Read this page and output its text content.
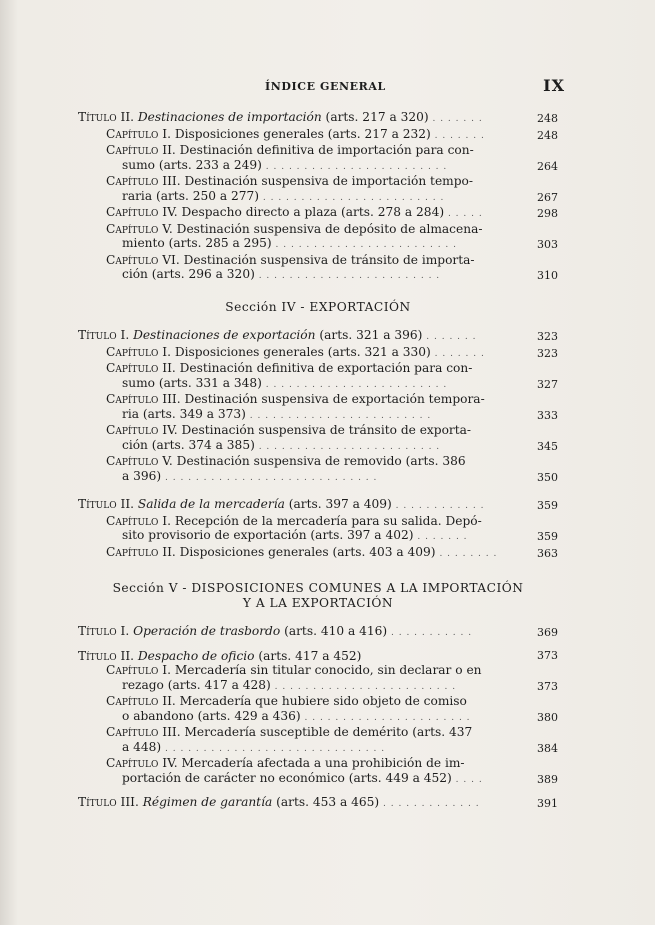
ÍNDICE GENERAL	IX
Título II. Destinaciones de importación (arts. 217 a 320) . . . . . . .	248
Capítulo I. Disposiciones generales (arts. 217 a 232) . . . . . . .	248
Capítulo II. Destinación definitiva de importación para con-
sumo (arts. 233 a 249) . . . . . . . . . . . . . . . . . . . . . . . .	264
Capítulo III. Destinación suspensiva de importación tempo-
raria (arts. 250 a 277) . . . . . . . . . . . . . . . . . . . . . . . .	267
Capítulo IV. Despacho directo a plaza (arts. 278 a 284) . . . . .	298
Capítulo V. Destinación suspensiva de depósito de almacena-
miento (arts. 285 a 295) . . . . . . . . . . . . . . . . . . . . . . . .	303
Capítulo VI. Destinación suspensiva de tránsito de importa-
ción (arts. 296 a 320) . . . . . . . . . . . . . . . . . . . . . . . .	310
Sección IV - EXPORTACIÓN
Título I. Destinaciones de exportación (arts. 321 a 396) . . . . . . .	323
Capítulo I. Disposiciones generales (arts. 321 a 330) . . . . . . .	323
Capítulo II. Destinación definitiva de exportación para con-
sumo (arts. 331 a 348) . . . . . . . . . . . . . . . . . . . . . . . .	327
Capítulo III. Destinación suspensiva de exportación tempora-
ria (arts. 349 a 373) . . . . . . . . . . . . . . . . . . . . . . . .	333
Capítulo IV. Destinación suspensiva de tránsito de exporta-
ción (arts. 374 a 385) . . . . . . . . . . . . . . . . . . . . . . . .	345
Capítulo V. Destinación suspensiva de removido (arts. 386
a 396) . . . . . . . . . . . . . . . . . . . . . . . . . . . .	350
Título II. Salida de la mercadería (arts. 397 a 409) . . . . . . . . . . . .	359
Capítulo I. Recepción de la mercadería para su salida. Depó-
sito provisorio de exportación (arts. 397 a 402) . . . . . . .	359
Capítulo II. Disposiciones generales (arts. 403 a 409) . . . . . . . .	363
Sección V - DISPOSICIONES COMUNES A LA IMPORTACIÓN
Y A LA EXPORTACIÓN
Título I. Operación de trasbordo (arts. 410 a 416) . . . . . . . . . . .	369
Título II. Despacho de oficio (arts. 417 a 452)	373
Capítulo I. Mercadería sin titular conocido, sin declarar o en
rezago (arts. 417 a 428) . . . . . . . . . . . . . . . . . . . . . . . .	373
Capítulo II. Mercadería que hubiere sido objeto de comiso
o abandono (arts. 429 a 436) . . . . . . . . . . . . . . . . . . . . . .	380
Capítulo III. Mercadería susceptible de demérito (arts. 437
a 448) . . . . . . . . . . . . . . . . . . . . . . . . . . . . .	384
Capítulo IV. Mercadería afectada a una prohibición de im-
portación de carácter no económico (arts. 449 a 452) . . . .	389
Título III. Régimen de garantía (arts. 453 a 465) . . . . . . . . . . . . .	391
